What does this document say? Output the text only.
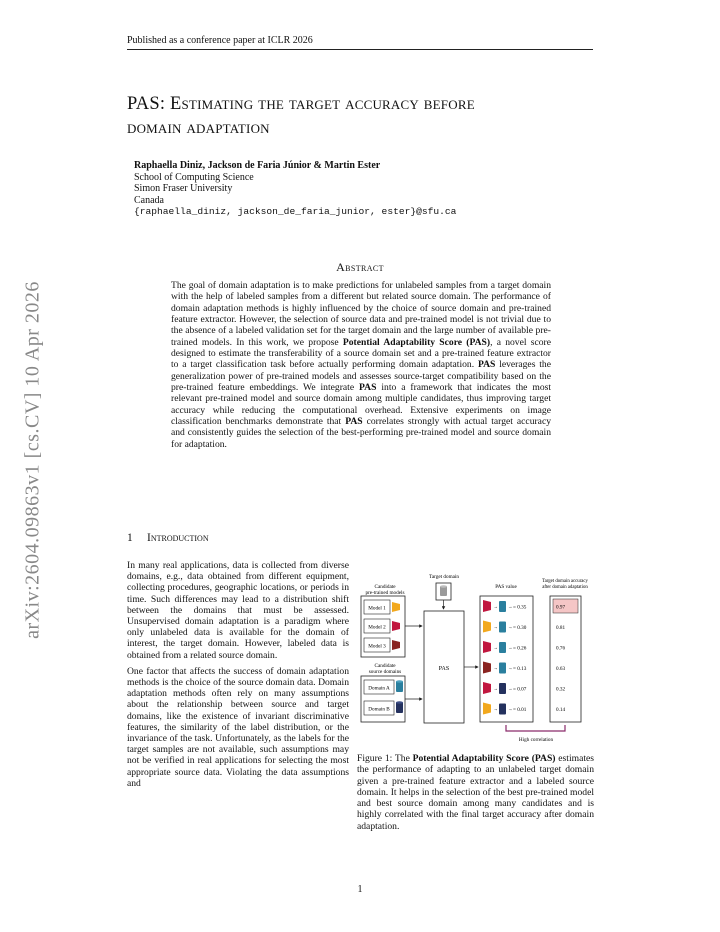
Published as a conference paper at ICLR 2026
PAS: Estimating the target accuracy before
domain adaptation
Raphaella Diniz, Jackson de Faria Júnior & Martin Ester
School of Computing Science
Simon Fraser University
Canada
{raphaella_diniz, jackson_de_faria_junior, ester}@sfu.ca
arXiv:2604.09863v1 [cs.CV] 10 Apr 2026
Abstract
The goal of domain adaptation is to make predictions for unlabeled samples from a target domain with the help of labeled samples from a different but related source domain. The performance of domain adaptation methods is highly influenced by the choice of source domain and pre-trained feature extractor. However, the selection of source data and pre-trained model is not trivial due to the absence of a labeled validation set for the target domain and the large number of available pre-trained models. In this work, we propose Potential Adaptability Score (PAS), a novel score designed to estimate the transferability of a source domain set and a pre-trained feature extractor to a target classification task before actually performing domain adaptation. PAS leverages the generalization power of pre-trained models and assesses source-target compatibility based on the pre-trained feature embeddings. We integrate PAS into a framework that indicates the most relevant pre-trained model and source domain among multiple candidates, thus improving target accuracy while reducing the computational overhead. Extensive experiments on image classification benchmarks demonstrate that PAS correlates strongly with actual target accuracy and consistently guides the selection of the best-performing pre-trained model and source domain for adaptation.
1 Introduction

In many real applications, data is collected from diverse domains, e.g., data obtained from different equipment, collecting procedures, geographic locations, or periods in time. Such differences may lead to a distribution shift between the domains that must be assessed. Unsupervised domain adaptation is a paradigm where only unlabeled data is available for the domain of interest, the target domain. However, labeled data is obtained from a related source domain.

One factor that affects the success of domain adaptation methods is the choice of the source domain data. Domain adaptation methods often rely on many assumptions about the relationship between source and target domains, like the existence of invariant discriminative features, the similarity of the label distribution, or the invariance of the task. Unfortunately, as the labels for the target samples are not available, such assumptions may not be verified in real applications for selecting the most appropriate source data. Violating the data assumptions and

Target domain
Candidate
pre-trained models
Model 1
Model 2
Model 3
Candidate
source domains
Domain A
Domain B
PAS
PAS value
→ → = 0.35
→ → = 0.30
→ → = 0.26
→ → = 0.13
→ → = 0.07
→ → = 0.01
Target domain accuracy
after domain adaptation
0.97
0.81
0.76
0.63
0.32
0.14
High correlation
Figure 1: The Potential Adaptability Score (PAS) estimates the performance of adapting to an unlabeled target domain given a pre-trained feature extractor and a labeled source domain. It helps in the selection of the best pre-trained model and best source domain among many candidates and is highly correlated with the final target accuracy after domain adaptation.
1
